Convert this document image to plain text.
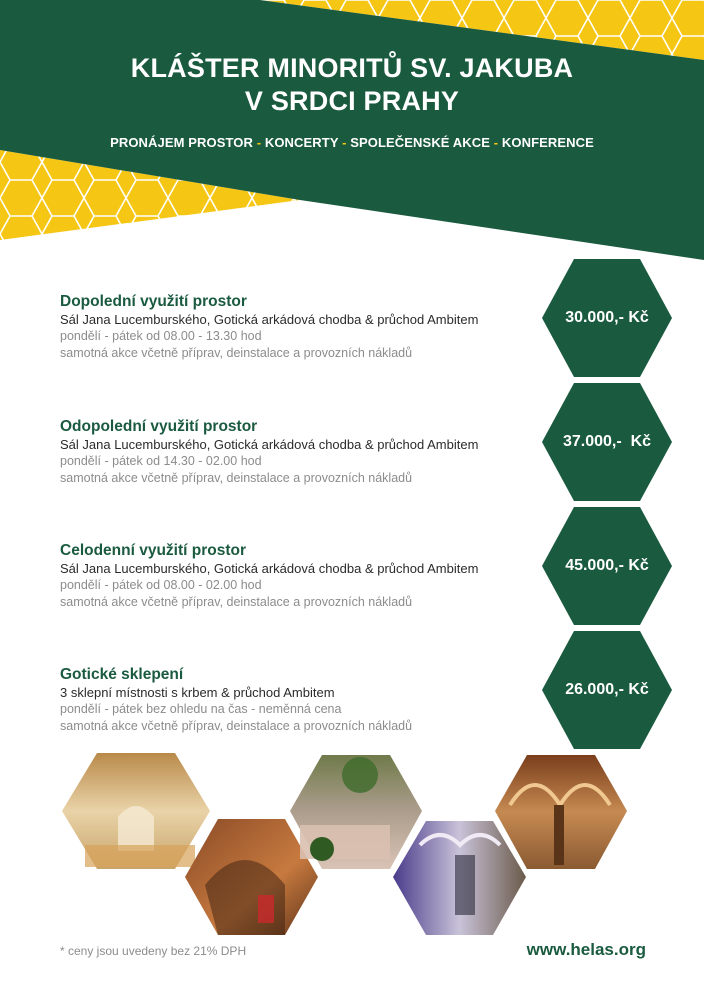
KLÁŠTER MINORITŮ SV. JAKUBA
V SRDCI PRAHY
PRONÁJEM PROSTOR - KONCERTY - SPOLEČENSKÉ AKCE - KONFERENCE
Dopolední využití prostor
Sál Jana Lucemburského, Gotická arkádová chodba & průchod Ambitem
pondělí - pátek od 08.00 - 13.30 hod
samotná akce včetně příprav, deinstalace a provozních nákladů
30.000,- Kč
Odopolední využití prostor
Sál Jana Lucemburského, Gotická arkádová chodba & průchod Ambitem
pondělí - pátek od 14.30 - 02.00 hod
samotná akce včetně příprav, deinstalace a provozních nákladů
37.000,-  Kč
Celodenní využití prostor
Sál Jana Lucemburského, Gotická arkádová chodba & průchod Ambitem
pondělí - pátek od 08.00 - 02.00 hod
samotná akce včetně příprav, deinstalace a provozních nákladů
45.000,- Kč
Gotické sklepení
3 sklepní místnosti s krbem & průchod Ambitem
pondělí - pátek bez ohledu na čas - neměnná cena
samotná akce včetně příprav, deinstalace a provozních nákladů
26.000,- Kč
* ceny jsou uvedeny bez 21% DPH	www.helas.org
